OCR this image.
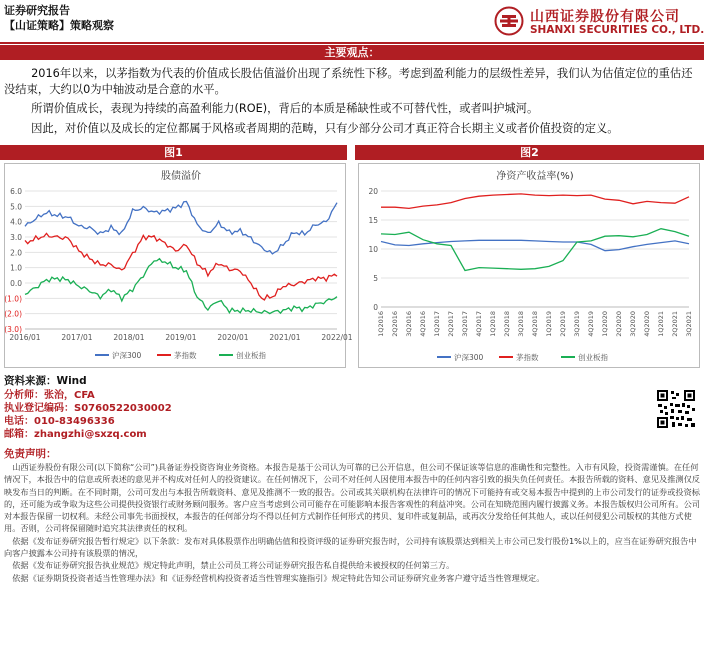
证券研究报告
【山证策略】策略观察
山西证券股份有限公司
SHANXI SECURITIES CO., LTD.
主要观点：
2016年以来，以茅指数为代表的价值成长股估值溢价出现了系统性下移。考虑到盈利能力的层级性差异，我们认为估值定位的重估还没结束，大约以0为中轴波动是合意的水平。
所谓价值成长，表现为持续的高盈利能力(ROE)，背后的本质是稀缺性或不可替代性，或者叫护城河。
因此，对价值以及成长的定位都属于风格或者周期的范畴，只有少部分公司才真正符合长期主义或者价值投资的定义。
图1	图2
股债溢价
6.0
5.0
4.0
3.0
2.0
1.0
0.0
(1.0)
(2.0)
(3.0)
2016/01	2017/01	2018/01	2019/01	2020/01	2021/01	2022/01
沪深300	茅指数	创业板指
净资产收益率(%)
20
15
10
5
0
1Q2016 2Q2016 3Q2016 4Q2016 1Q2017 2Q2017 3Q2017 4Q2017 1Q2018 2Q2018 3Q2018 4Q2018 1Q2019 2Q2019 3Q2019 4Q2019 1Q2020 2Q2020 3Q2020 4Q2020 1Q2021 2Q2021 3Q2021
沪深300	茅指数	创业板指
资料来源：Wind
分析师：张治，CFA
执业登记编码：S0760522030002
电话：010-83496336
邮箱：zhangzhi@sxzq.com
免责声明：

山西证券股份有限公司(以下简称“公司”)具备证券投资咨询业务资格。本报告是基于公司认为可靠的已公开信息，但公司不保证该等信息的准确性和完整性。入市有风险，投资需谨慎。在任何情况下，本报告中的信息或所表述的意见并不构成对任何人的投资建议。在任何情况下，公司不对任何人因使用本报告中的任何内容引致的损失负任何责任。本报告所载的资料、意见及推测仅反映发布当日的判断。在不同时期，公司可发出与本报告所载资料、意见及推测不一致的报告。公司或其关联机构在法律许可的情况下可能持有或交易本报告中提到的上市公司发行的证券或投资标的，还可能为或争取为这些公司提供投资银行或财务顾问服务。客户应当考虑到公司可能存在可能影响本报告客观性的利益冲突。公司在知晓范围内履行披露义务。本报告版权归公司所有。公司对本报告保留一切权利。未经公司事先书面授权，本报告的任何部分均不得以任何方式制作任何形式的拷贝、复印件或复制品，或再次分发给任何其他人，或以任何侵犯公司版权的其他方式使用。否则，公司将保留随时追究其法律责任的权利。

依据《发布证券研究报告暂行规定》以下条款：发布对具体股票作出明确估值和投资评级的证券研究报告时，公司持有该股票达到相关上市公司已发行股份1%以上的，应当在证券研究报告中向客户披露本公司持有该股票的情况，

依据《发布证券研究报告执业规范》规定特此声明，禁止公司员工将公司证券研究报告私自提供给未被授权的任何第三方。

依据《证券期货投资者适当性管理办法》和《证券经营机构投资者适当性管理实施指引》规定特此告知公司证券研究业务客户遵守适当性管理规定。
